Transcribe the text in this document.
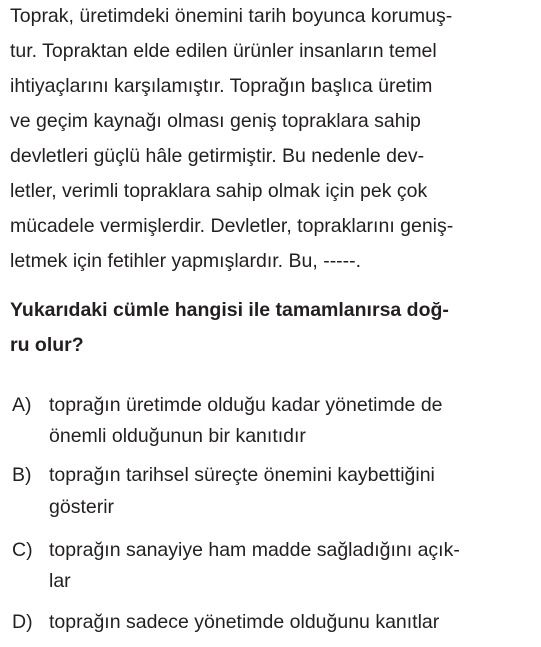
Toprak, üretimdeki önemini tarih boyunca korumuş-
tur. Topraktan elde edilen ürünler insanların temel
ihtiyaçlarını karşılamıştır. Toprağın başlıca üretim
ve geçim kaynağı olması geniş topraklara sahip
devletleri güçlü hâle getirmiştir. Bu nedenle dev-
letler, verimli topraklara sahip olmak için pek çok
mücadele vermişlerdir. Devletler, topraklarını geniş-
letmek için fetihler yapmışlardır. Bu, -----.
Yukarıdaki cümle hangisi ile tamamlanırsa doğ-
ru olur?
A) toprağın üretimde olduğu kadar yönetimde de
önemli olduğunun bir kanıtıdır
B) toprağın tarihsel süreçte önemini kaybettiğini
gösterir
C) toprağın sanayiye ham madde sağladığını açık-
lar
D) toprağın sadece yönetimde olduğunu kanıtlar
